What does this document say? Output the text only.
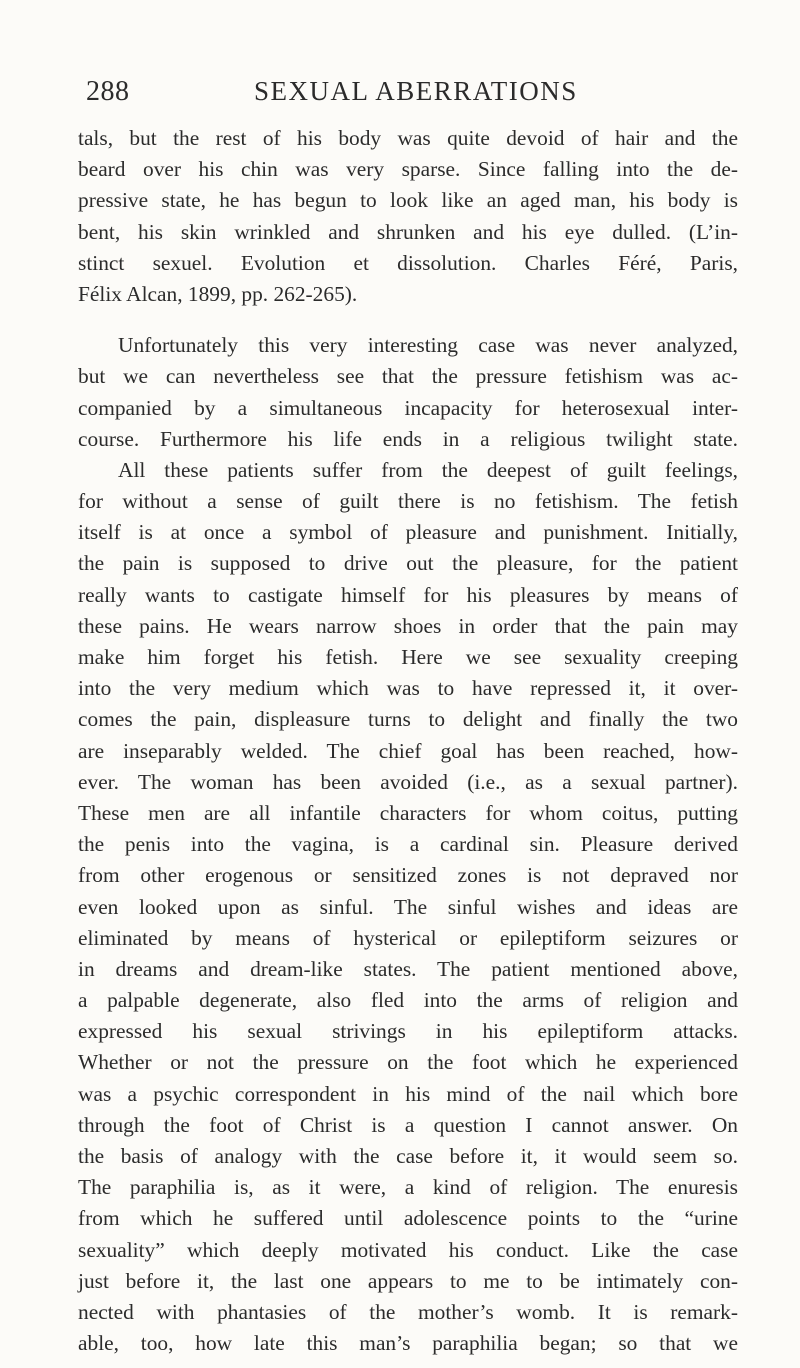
288	SEXUAL ABERRATIONS
tals, but the rest of his body was quite devoid of hair and the
beard over his chin was very sparse. Since falling into the de-
pressive state, he has begun to look like an aged man, his body is
bent, his skin wrinkled and shrunken and his eye dulled. (L’in-
stinct sexuel. Evolution et dissolution. Charles Féré, Paris,
Félix Alcan, 1899, pp. 262-265).
Unfortunately this very interesting case was never analyzed,
but we can nevertheless see that the pressure fetishism was ac-
companied by a simultaneous incapacity for heterosexual inter-
course. Furthermore his life ends in a religious twilight state.
All these patients suffer from the deepest of guilt feelings,
for without a sense of guilt there is no fetishism. The fetish
itself is at once a symbol of pleasure and punishment. Initially,
the pain is supposed to drive out the pleasure, for the patient
really wants to castigate himself for his pleasures by means of
these pains. He wears narrow shoes in order that the pain may
make him forget his fetish. Here we see sexuality creeping
into the very medium which was to have repressed it, it over-
comes the pain, displeasure turns to delight and finally the two
are inseparably welded. The chief goal has been reached, how-
ever. The woman has been avoided (i.e., as a sexual partner).
These men are all infantile characters for whom coitus, putting
the penis into the vagina, is a cardinal sin. Pleasure derived
from other erogenous or sensitized zones is not depraved nor
even looked upon as sinful. The sinful wishes and ideas are
eliminated by means of hysterical or epileptiform seizures or
in dreams and dream-like states. The patient mentioned above,
a palpable degenerate, also fled into the arms of religion and
expressed his sexual strivings in his epileptiform attacks.
Whether or not the pressure on the foot which he experienced
was a psychic correspondent in his mind of the nail which bore
through the foot of Christ is a question I cannot answer. On
the basis of analogy with the case before it, it would seem so.
The paraphilia is, as it were, a kind of religion. The enuresis
from which he suffered until adolescence points to the “urine
sexuality” which deeply motivated his conduct. Like the case
just before it, the last one appears to me to be intimately con-
nected with phantasies of the mother’s womb. It is remark-
able, too, how late this man’s paraphilia began; so that we
